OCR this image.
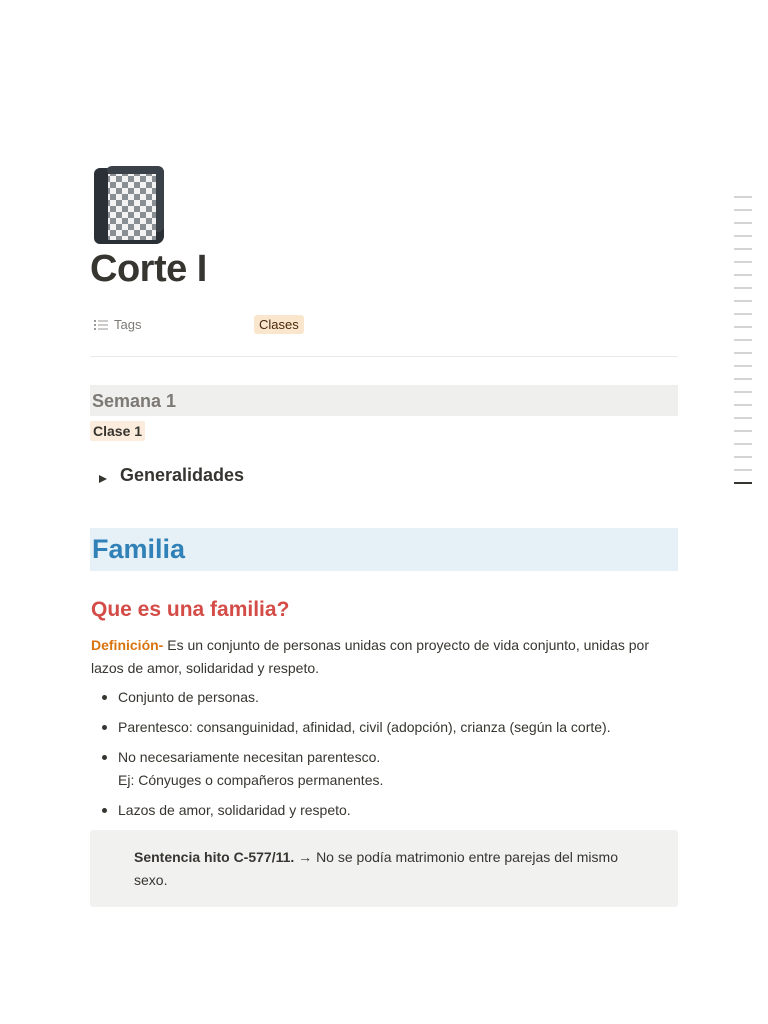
Corte I
Tags	Clases
Semana 1
Clase 1
Generalidades
Familia
Que es una familia?

Definición- Es un conjunto de personas unidas con proyecto de vida conjunto, unidas por lazos de amor, solidaridad y respeto.

Conjunto de personas.
Parentesco: consanguinidad, afinidad, civil (adopción), crianza (según la corte).
No necesariamente necesitan parentesco.
Ej: Cónyuges o compañeros permanentes.
Lazos de amor, solidaridad y respeto.

Sentencia hito C-577/11. → No se podía matrimonio entre parejas del mismo sexo.
